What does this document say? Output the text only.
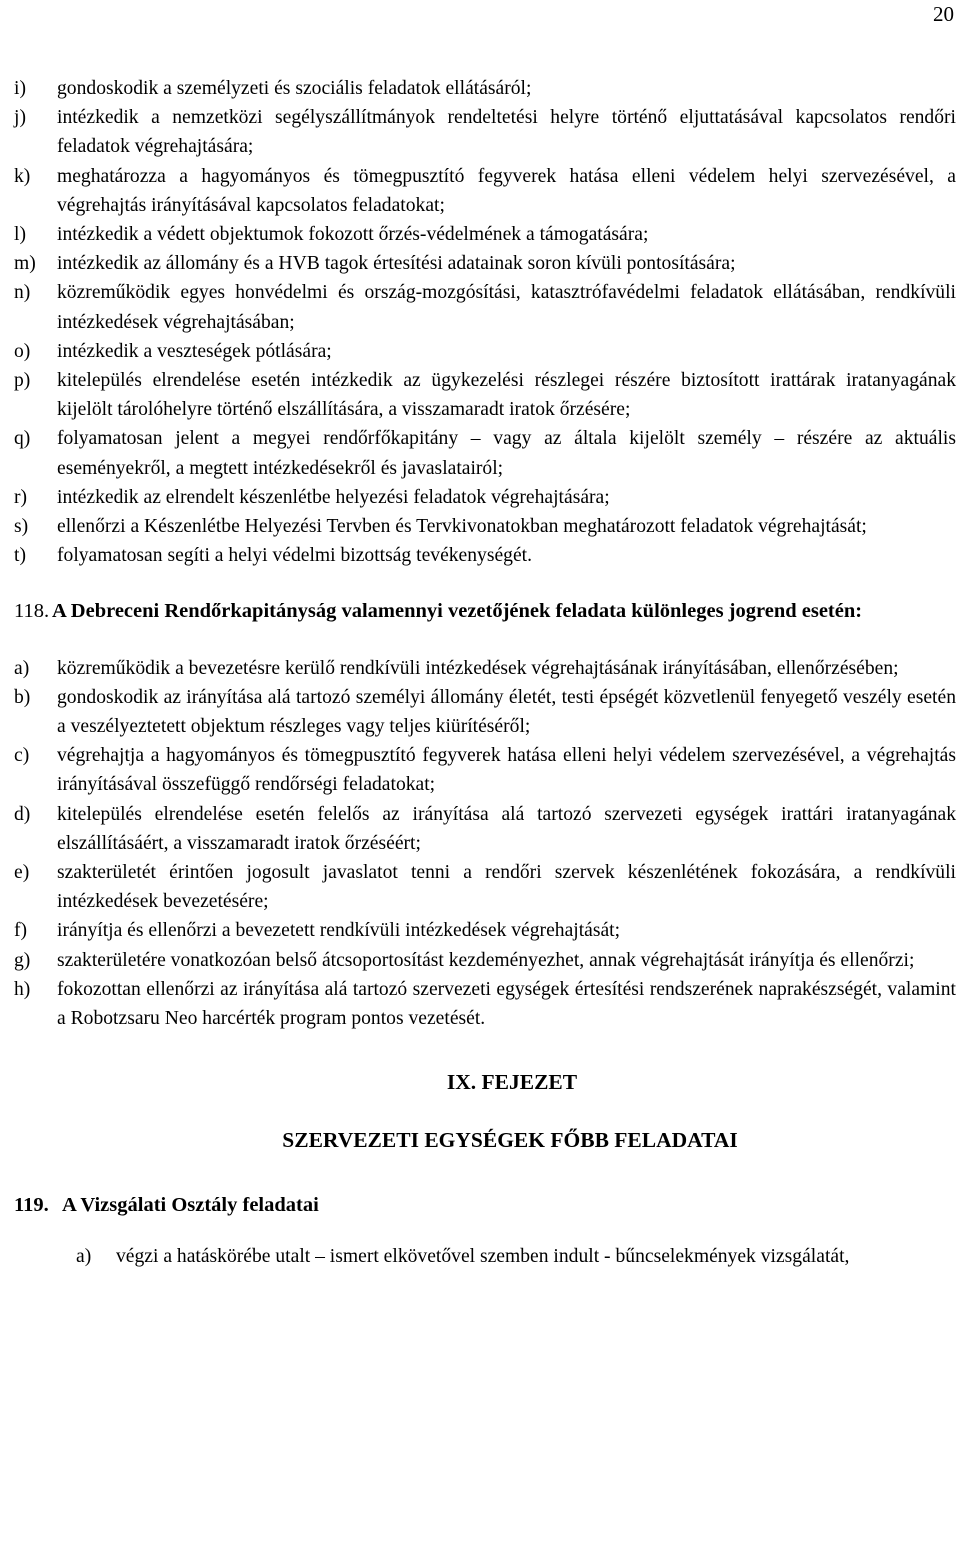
20
i)	gondoskodik a személyzeti és szociális feladatok ellátásáról;
j)	intézkedik a nemzetközi segélyszállítmányok rendeltetési helyre történő eljuttatásával kapcsolatos rendőri feladatok végrehajtására;
k)	meghatározza a hagyományos és tömegpusztító fegyverek hatása elleni védelem helyi szervezésével, a végrehajtás irányításával kapcsolatos feladatokat;
l)	intézkedik a védett objektumok fokozott őrzés-védelmének a támogatására;
m)	intézkedik az állomány és a HVB tagok értesítési adatainak soron kívüli pontosítására;
n)	közreműködik egyes honvédelmi és ország-mozgósítási, katasztrófavédelmi feladatok ellátásában, rendkívüli intézkedések végrehajtásában;
o)	intézkedik a veszteségek pótlására;
p)	kitelepülés elrendelése esetén intézkedik az ügykezelési részlegei részére biztosított irattárak iratanyagának kijelölt tárolóhelyre történő elszállítására, a visszamaradt iratok őrzésére;
q)	folyamatosan jelent a megyei rendőrfőkapitány – vagy az általa kijelölt személy – részére az aktuális eseményekről, a megtett intézkedésekről és javaslatairól;
r)	intézkedik az elrendelt készenlétbe helyezési feladatok végrehajtására;
s)	ellenőrzi a Készenlétbe Helyezési Tervben és Tervkivonatokban meghatározott feladatok végrehajtását;
t)	folyamatosan segíti a helyi védelmi bizottság tevékenységét.
118. A Debreceni Rendőrkapitányság valamennyi vezetőjének feladata különleges jogrend esetén:
a)	közreműködik a bevezetésre kerülő rendkívüli intézkedések végrehajtásának irányításában, ellenőrzésében;
b)	gondoskodik az irányítása alá tartozó személyi állomány életét, testi épségét közvetlenül fenyegető veszély esetén a veszélyeztetett objektum részleges vagy teljes kiürítéséről;
c)	végrehajtja a hagyományos és tömegpusztító fegyverek hatása elleni helyi védelem szervezésével, a végrehajtás irányításával összefüggő rendőrségi feladatokat;
d)	kitelepülés elrendelése esetén felelős az irányítása alá tartozó szervezeti egységek irattári iratanyagának elszállításáért, a visszamaradt iratok őrzéséért;
e)	szakterületét érintően jogosult javaslatot tenni a rendőri szervek készenlétének fokozására, a rendkívüli intézkedések bevezetésére;
f)	irányítja és ellenőrzi a bevezetett rendkívüli intézkedések végrehajtását;
g)	szakterületére vonatkozóan belső átcsoportosítást kezdeményezhet, annak végrehajtását irányítja és ellenőrzi;
h)	fokozottan ellenőrzi az irányítása alá tartozó szervezeti egységek értesítési rendszerének naprakészségét, valamint a Robotzsaru Neo harcérték program pontos vezetését.
IX. FEJEZET
SZERVEZETI EGYSÉGEK FŐBB FELADATAI
119. A Vizsgálati Osztály feladatai
a)	végzi a hatáskörébe utalt – ismert elkövetővel szemben indult - bűncselekmények vizsgálatát,
